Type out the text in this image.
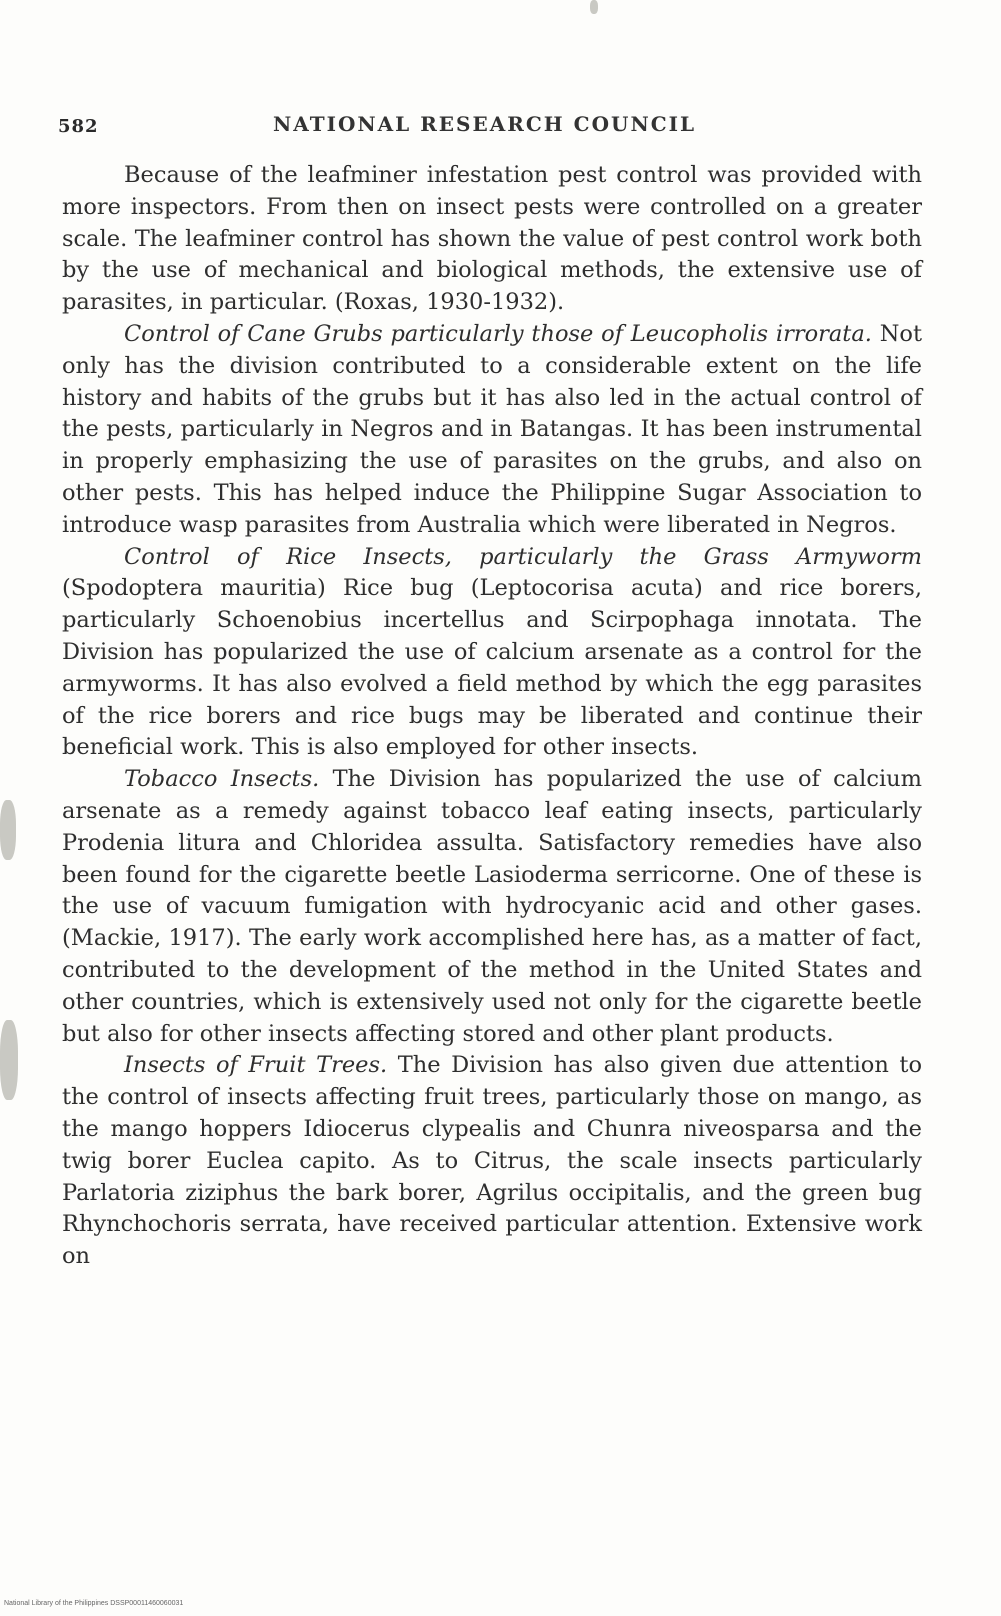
582	NATIONAL RESEARCH COUNCIL

Because of the leafminer infestation pest control was provided with more inspectors. From then on insect pests were controlled on a greater scale. The leafminer control has shown the value of pest control work both by the use of mechanical and biological methods, the extensive use of parasites, in particular. (Roxas, 1930-1932).

Control of Cane Grubs particularly those of Leucopholis irrorata. Not only has the division contributed to a considerable extent on the life history and habits of the grubs but it has also led in the actual control of the pests, particularly in Negros and in Batangas. It has been instrumental in properly emphasizing the use of parasites on the grubs, and also on other pests. This has helped induce the Philippine Sugar Association to introduce wasp parasites from Australia which were liberated in Negros.

Control of Rice Insects, particularly the Grass Armyworm (Spodoptera mauritia) Rice bug (Leptocorisa acuta) and rice borers, particularly Schoenobius incertellus and Scirpophaga innotata. The Division has popularized the use of calcium arsenate as a control for the armyworms. It has also evolved a field method by which the egg parasites of the rice borers and rice bugs may be liberated and continue their beneficial work. This is also employed for other insects.

Tobacco Insects. The Division has popularized the use of calcium arsenate as a remedy against tobacco leaf eating insects, particularly Prodenia litura and Chloridea assulta. Satisfactory remedies have also been found for the cigarette beetle Lasioderma serricorne. One of these is the use of vacuum fumigation with hydrocyanic acid and other gases. (Mackie, 1917). The early work accomplished here has, as a matter of fact, contributed to the development of the method in the United States and other countries, which is extensively used not only for the cigarette beetle but also for other insects affecting stored and other plant products.

Insects of Fruit Trees. The Division has also given due attention to the control of insects affecting fruit trees, particularly those on mango, as the mango hoppers Idiocerus clypealis and Chunra niveosparsa and the twig borer Euclea capito. As to Citrus, the scale insects particularly Parlatoria ziziphus the bark borer, Agrilus occipitalis, and the green bug Rhynchochoris serrata, have received particular attention. Extensive work on

National Library of the Philippines DSSP00011460060031
